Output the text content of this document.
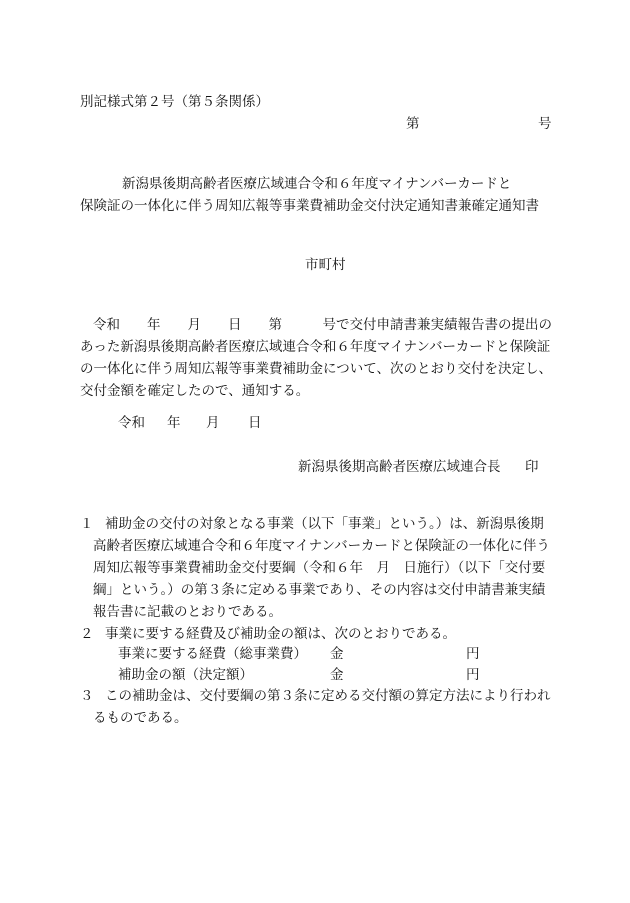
別記様式第２号（第５条関係）
第	号
新潟県後期高齢者医療広域連合令和６年度マイナンバーカードと
保険証の一体化に伴う周知広報等事業費補助金交付決定通知書兼確定通知書
市町村
令和　　年　　月　　日　　第　　　号で交付申請書兼実績報告書の提出の
あった新潟県後期高齢者医療広域連合令和６年度マイナンバーカードと保険証
の一体化に伴う周知広報等事業費補助金について、次のとおり交付を決定し、
交付金額を確定したので、通知する。
令和 年 月 日
新潟県後期高齢者医療広域連合長 印
１ 補助金の交付の対象となる事業（以下「事業」という。）は、新潟県後期
高齢者医療広域連合令和６年度マイナンバーカードと保険証の一体化に伴う
周知広報等事業費補助金交付要綱（令和６年　月　日施行）（以下「交付要
綱」という。）の第３条に定める事業であり、その内容は交付申請書兼実績
報告書に記載のとおりである。
２ 事業に要する経費及び補助金の額は、次のとおりである。
事業に要する経費（総事業費） 金	円
補助金の額（決定額）	金	円
３ この補助金は、交付要綱の第３条に定める交付額の算定方法により行われ
るものである。
